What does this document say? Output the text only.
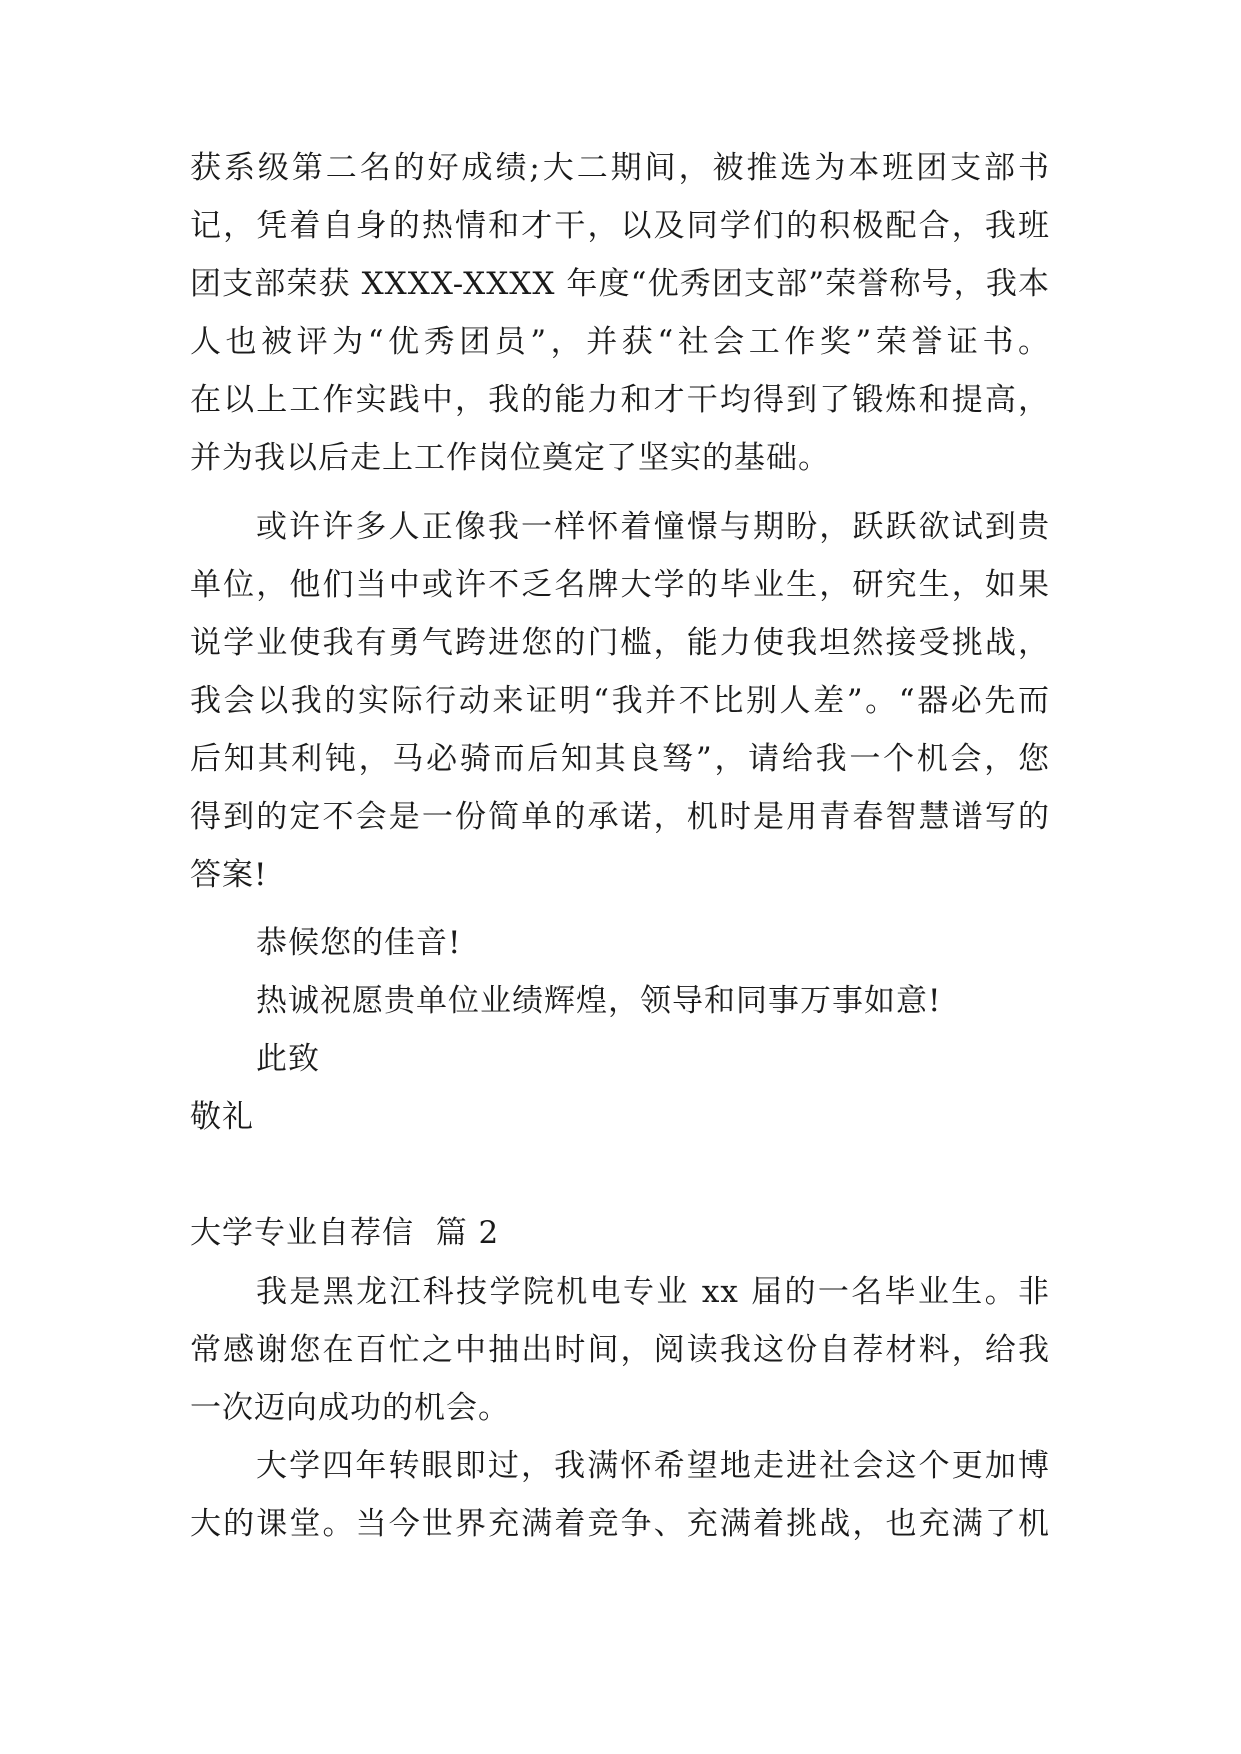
获系级第二名的好成绩;大二期间，被推选为本班团支部书

记，凭着自身的热情和才干，以及同学们的积极配合，我班

团支部荣获 XXXX-XXXX 年度“优秀团支部”荣誉称号，我本

人也被评为“优秀团员”，并获“社会工作奖”荣誉证书。

在以上工作实践中，我的能力和才干均得到了锻炼和提高，

并为我以后走上工作岗位奠定了坚实的基础。

或许许多人正像我一样怀着憧憬与期盼，跃跃欲试到贵

单位，他们当中或许不乏名牌大学的毕业生，研究生，如果

说学业使我有勇气跨进您的门槛，能力使我坦然接受挑战，

我会以我的实际行动来证明“我并不比别人差”。“器必先而

后知其利钝，马必骑而后知其良驽”，请给我一个机会，您

得到的定不会是一份简单的承诺，机时是用青春智慧谱写的

答案!

恭候您的佳音!

热诚祝愿贵单位业绩辉煌，领导和同事万事如意!

此致

敬礼

大学专业自荐信  篇 2

我是黑龙江科技学院机电专业 xx 届的一名毕业生。非

常感谢您在百忙之中抽出时间，阅读我这份自荐材料，给我

一次迈向成功的机会。

大学四年转眼即过，我满怀希望地走进社会这个更加博

大的课堂。当今世界充满着竞争、充满着挑战，也充满了机
